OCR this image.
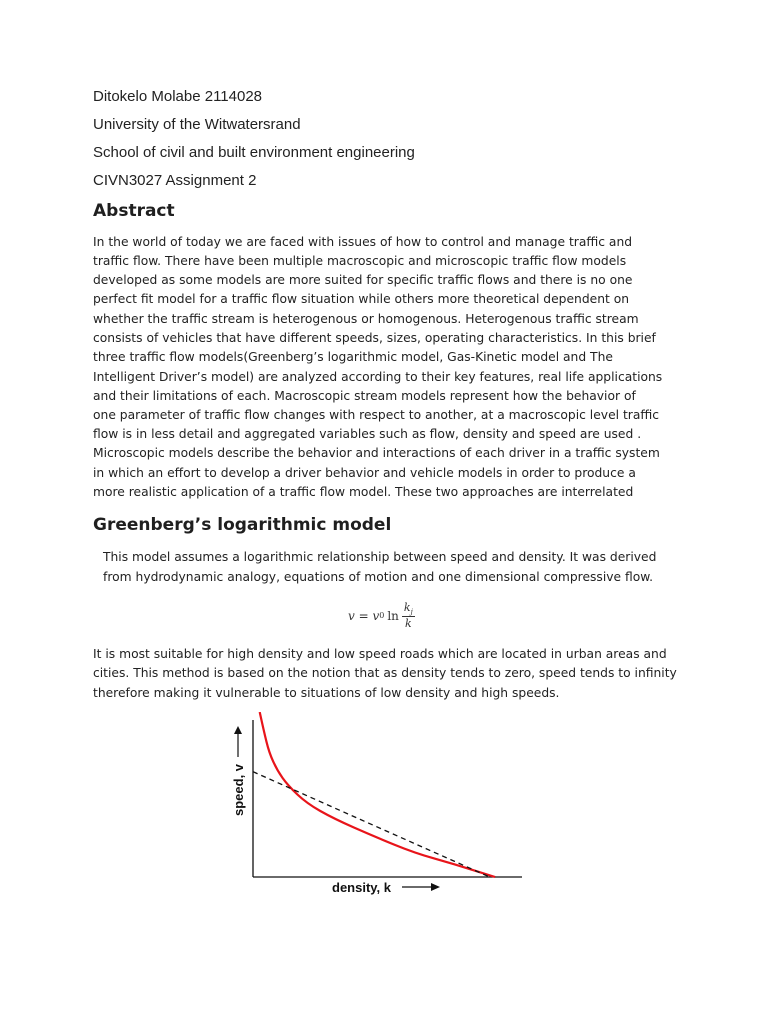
Ditokelo Molabe 2114028
University of the Witwatersrand
School of civil and built environment engineering
CIVN3027 Assignment 2
Abstract
In the world of today we are faced with issues of how to control and manage traffic and
traffic flow. There have been multiple macroscopic and microscopic traffic flow models
developed as some models are more suited for specific traffic flows and there is no one
perfect fit model for a traffic flow situation while others more theoretical dependent on
whether the traffic stream is heterogenous or homogenous. Heterogenous traffic stream
consists of vehicles that have different speeds, sizes, operating characteristics. In this brief
three traffic flow models(Greenberg’s logarithmic model, Gas-Kinetic model and The
Intelligent Driver’s model) are analyzed according to their key features, real life applications
and their limitations of each. Macroscopic stream models represent how the behavior of
one parameter of traffic flow changes with respect to another, at a macroscopic level traffic
flow is in less detail and aggregated variables such as flow, density and speed are used .
Microscopic models describe the behavior and interactions of each driver in a traffic system
in which an effort to develop a driver behavior and vehicle models in order to produce a
more realistic application of a traffic flow model. These two approaches are interrelated
Greenberg’s logarithmic model
This model assumes a logarithmic relationship between speed and density. It was derived
from hydrodynamic analogy, equations of motion and one dimensional compressive flow.
v = v 0 $\ln \frac{k_j}{k}$
It is most suitable for high density and low speed roads which are located in urban areas and
cities. This method is based on the notion that as density tends to zero, speed tends to infinity
therefore making it vulnerable to situations of low density and high speeds.
speed, v
density, k
